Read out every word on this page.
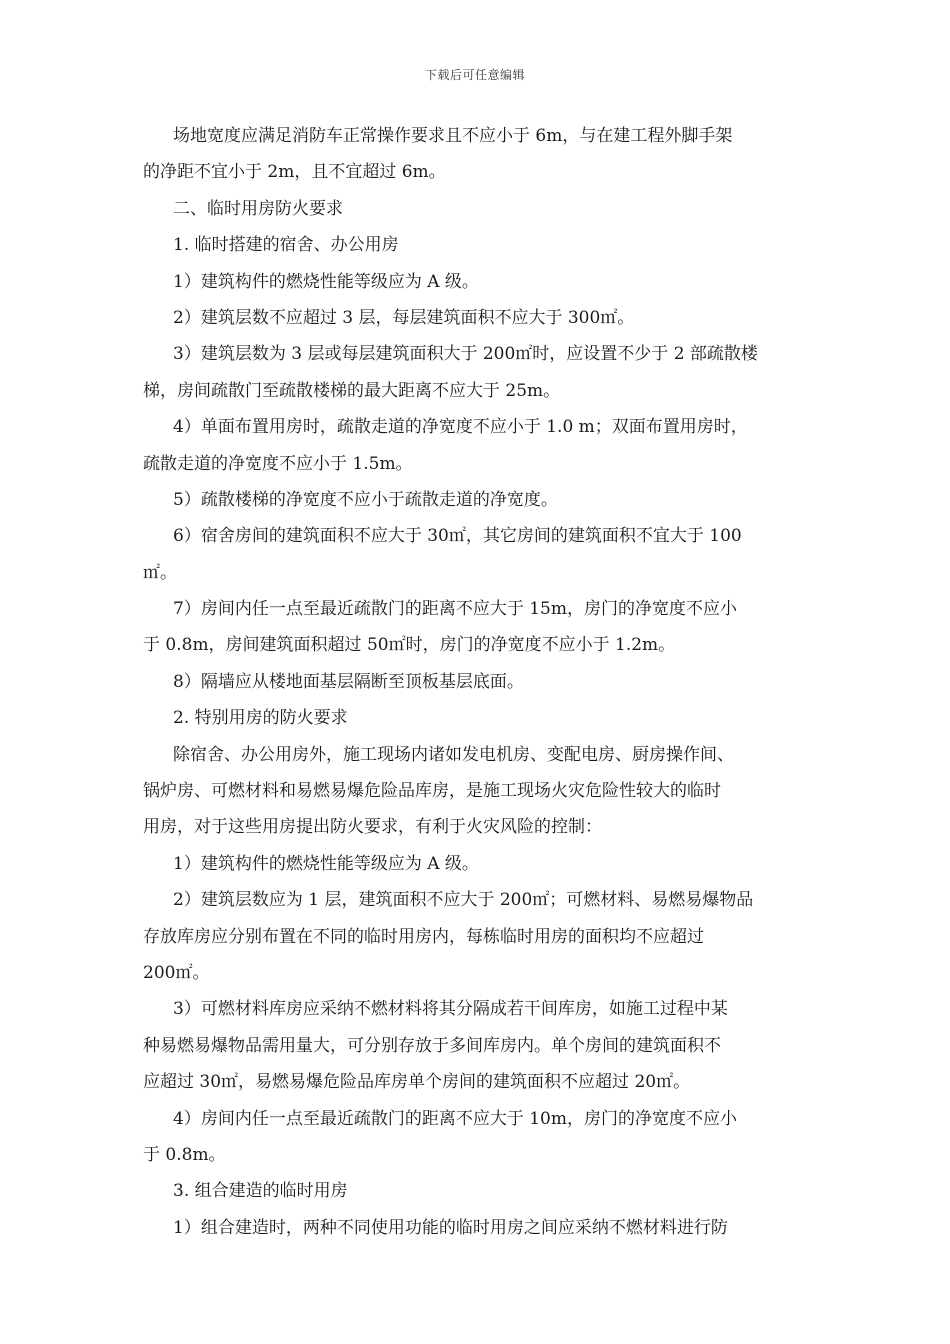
下载后可任意编辑
场地宽度应满足消防车正常操作要求且不应小于 6m，与在建工程外脚手架
的净距不宜小于 2m，且不宜超过 6m。
二、临时用房防火要求
1. 临时搭建的宿舍、办公用房
1）建筑构件的燃烧性能等级应为 A 级。
2）建筑层数不应超过 3 层，每层建筑面积不应大于 300㎡。
3）建筑层数为 3 层或每层建筑面积大于 200㎡时，应设置不少于 2 部疏散楼
梯，房间疏散门至疏散楼梯的最大距离不应大于 25m。
4）单面布置用房时，疏散走道的净宽度不应小于 1.0 m；双面布置用房时，
疏散走道的净宽度不应小于 1.5m。
5）疏散楼梯的净宽度不应小于疏散走道的净宽度。
6）宿舍房间的建筑面积不应大于 30㎡，其它房间的建筑面积不宜大于 100
㎡。
7）房间内任一点至最近疏散门的距离不应大于 15m，房门的净宽度不应小
于 0.8m，房间建筑面积超过 50㎡时，房门的净宽度不应小于 1.2m。
8）隔墙应从楼地面基层隔断至顶板基层底面。
2. 特别用房的防火要求
除宿舍、办公用房外，施工现场内诸如发电机房、变配电房、厨房操作间、
锅炉房、可燃材料和易燃易爆危险品库房，是施工现场火灾危险性较大的临时
用房，对于这些用房提出防火要求，有利于火灾风险的控制：
1）建筑构件的燃烧性能等级应为 A 级。
2）建筑层数应为 1 层，建筑面积不应大于 200㎡；可燃材料、易燃易爆物品
存放库房应分别布置在不同的临时用房内，每栋临时用房的面积均不应超过
200㎡。
3）可燃材料库房应采纳不燃材料将其分隔成若干间库房，如施工过程中某
种易燃易爆物品需用量大，可分别存放于多间库房内。单个房间的建筑面积不
应超过 30㎡，易燃易爆危险品库房单个房间的建筑面积不应超过 20㎡。
4）房间内任一点至最近疏散门的距离不应大于 10m，房门的净宽度不应小
于 0.8m。
3. 组合建造的临时用房
1）组合建造时，两种不同使用功能的临时用房之间应采纳不燃材料进行防
